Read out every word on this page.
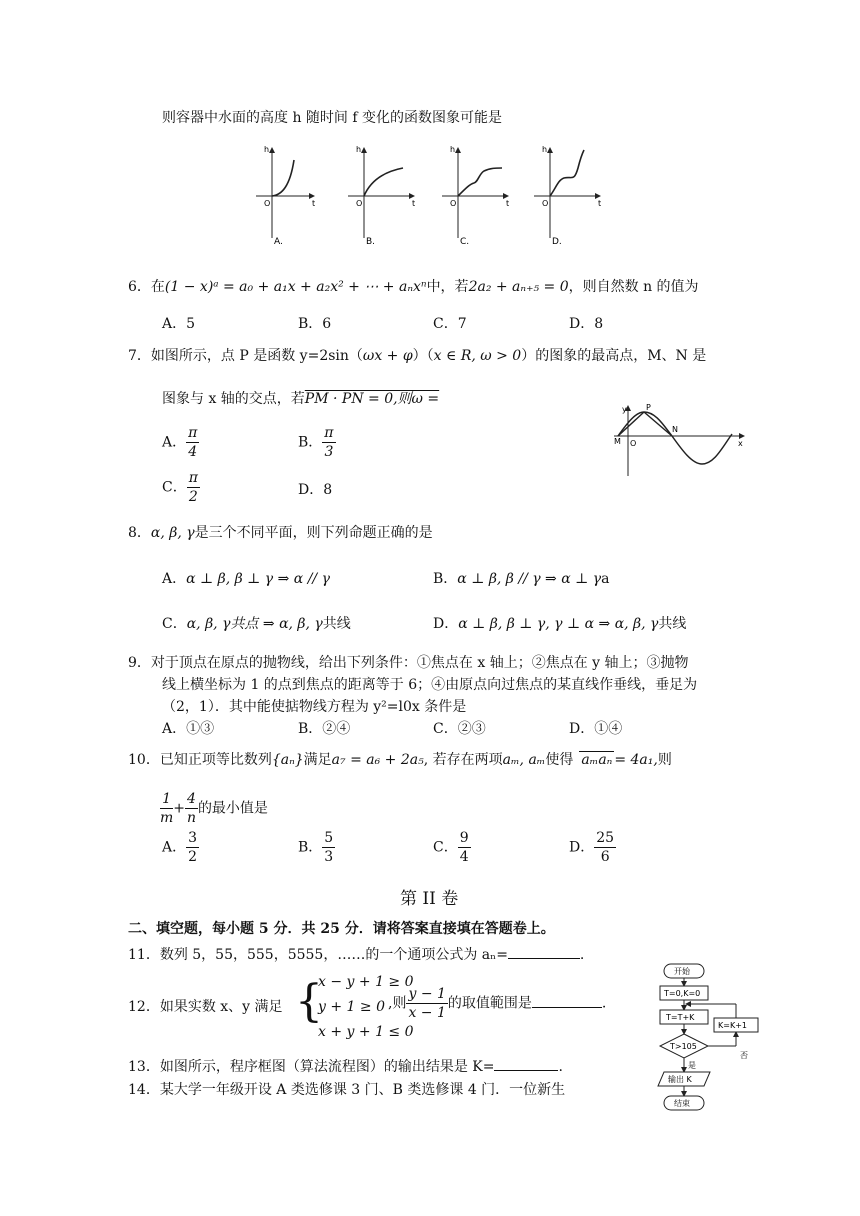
则容器中水面的高度 h 随时间 f 变化的函数图象可能是
O
h
t
A.
O
h
t
B.
O
h
t
C.
O
h
t
D.
6．在(1 − x)ᵃ = a₀ + a₁x + a₂x² + ⋯ + aₙxⁿ中，若2a₂ + aₙ₊₅ = 0，则自然数 n 的值为
A．5	B．6	C．7	D．8
7．如图所示，点 P 是函数 y=2sin（ωx + φ）（x ∈ R, ω > 0）的图象的最高点，M、N 是
图象与 x 轴的交点，若PM · PN = 0,则ω =
A． $\frac{\pi}{4}$	B． $\frac{\pi}{3}$
C． $\frac{\pi}{2}$	D．8
y P
M
N
O	x
8．α, β, γ是三个不同平面，则下列命题正确的是
A．α ⊥ β, β ⊥ γ ⇒ α // γ	B．α ⊥ β, β // γ ⇒ α ⊥ γa
C．α, β, γ共点 ⇒ α, β, γ共线	D．α ⊥ β, β ⊥ γ, γ ⊥ α ⇒ α, β, γ共线
9．对于顶点在原点的抛物线，给出下列条件：①焦点在 x 轴上；②焦点在 y 轴上；③抛物
线上横坐标为 1 的点到焦点的距离等于 6；④由原点向过焦点的某直线作垂线，垂足为
（2，1）．其中能使掂物线方程为 y²=l0x 条件是
A．①③	B．②④	C．②③	D．①④
10．已知正项等比数列{aₙ}满足a₇ = a₆ + 2a₅, 若存在两项aₘ, aₘ使得 aₘaₙ = 4a₁,则
$\frac{1}{m} + \frac{4}{n}$ 的最小值是
A． $\frac{3}{2}$	B． $\frac{5}{3}$	C． $\frac{9}{4}$	D． $\frac{25}{6}$
第 II 卷
二、填空题，每小题 5 分．共 25 分．请将答案直接填在答题卷上。
11．数列 5，55，555，5555，……的一个通项公式为 aₙ=	.
12．如果实数 x、y 满足 {
x − y + 1 ≥ 0
y + 1 ≥ 0
x + y + 1 ≤ 0
,则 $\frac{y - 1}{x - 1}$ 的取值範围是	.
13．如图所示，程序框图（算法流程图）的输出结果是 K=	.
14．某大学一年级开设 A 类选修课 3 门、B 类选修课 4 门．一位新生
开始
T=0,K=0
T=T+K
T>105
是
输出 K
结束
否
K=K+1
